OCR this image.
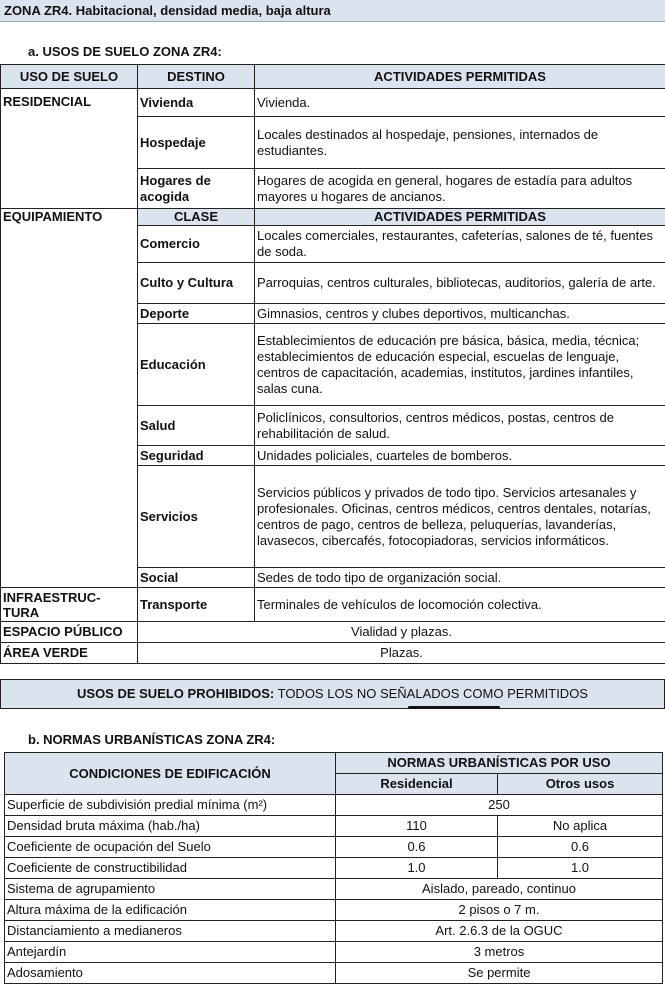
ZONA ZR4. Habitacional, densidad media, baja altura
a. USOS DE SUELO ZONA ZR4:
USO DE SUELO	DESTINO	ACTIVIDADES PERMITIDAS
RESIDENCIAL	Vivienda	Vivienda.
	Hospedaje	Locales destinados al hospedaje, pensiones, internados de estudiantes.
	Hogares de acogida	Hogares de acogida en general, hogares de estadía para adultos mayores u hogares de ancianos.
EQUIPAMIENTO	CLASE	ACTIVIDADES PERMITIDAS
	Comercio	Locales comerciales, restaurantes, cafeterías, salones de té, fuentes de soda.
	Culto y Cultura	Parroquias, centros culturales, bibliotecas, auditorios, galería de arte.
	Deporte	Gimnasios, centros y clubes deportivos, multicanchas.
	Educación	Establecimientos de educación pre básica, básica, media, técnica; establecimientos de educación especial, escuelas de lenguaje, centros de capacitación, academias, institutos, jardines infantiles, salas cuna.
	Salud	Policlínicos, consultorios, centros médicos, postas, centros de rehabilitación de salud.
	Seguridad	Unidades policiales, cuarteles de bomberos.
	Servicios	Servicios públicos y privados de todo tipo. Servicios artesanales y profesionales. Oficinas, centros médicos, centros dentales, notarías, centros de pago, centros de belleza, peluquerías, lavanderías, lavasecos, cibercafés, fotocopiadoras, servicios informáticos.
	Social	Sedes de todo tipo de organización social.
INFRAESTRUC-TURA	Transporte	Terminales de vehículos de locomoción colectiva.
ESPACIO PÚBLICO	Vialidad y plazas.	
ÁREA VERDE	Plazas.	
USOS DE SUELO PROHIBIDOS: TODOS LOS NO SEÑALADOS COMO PERMITIDOS
b. NORMAS URBANÍSTICAS ZONA ZR4:
CONDICIONES DE EDIFICACIÓN	NORMAS URBANÍSTICAS POR USO	
	Residencial	Otros usos
Superficie de subdivisión predial mínima (m²)	250	
Densidad bruta máxima (hab./ha)	110	No aplica
Coeficiente de ocupación del Suelo	0.6	0.6
Coeficiente de constructibilidad	1.0	1.0
Sistema de agrupamiento	Aislado, pareado, continuo	
Altura máxima de la edificación	2 pisos o 7 m.	
Distanciamiento a medianeros	Art. 2.6.3 de la OGUC	
Antejardín	3 metros	
Adosamiento	Se permite	
